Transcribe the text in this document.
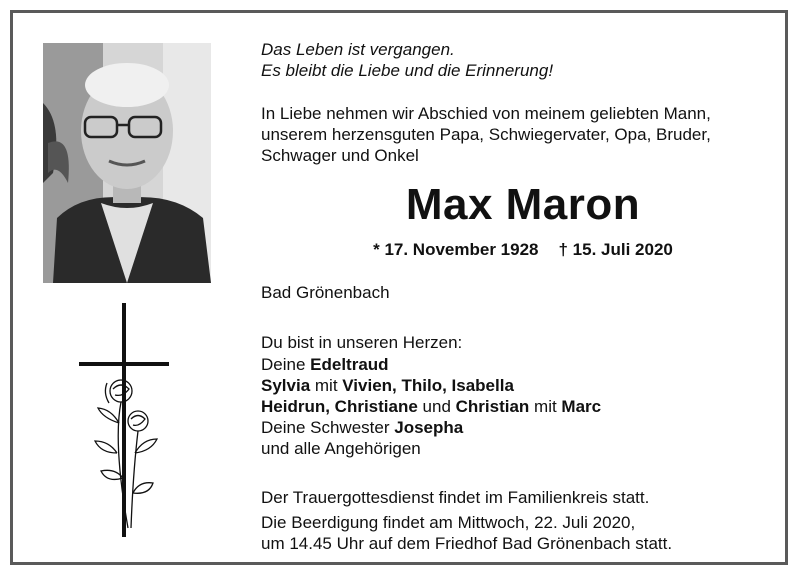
Das Leben ist vergangen.
Es bleibt die Liebe und die Erinnerung!
In Liebe nehmen wir Abschied von meinem geliebten Mann,
unserem herzensguten Papa, Schwiegervater, Opa, Bruder,
Schwager und Onkel
Max Maron
* 17. November 1928 † 15. Juli 2020
Bad Grönenbach
Du bist in unseren Herzen:
Deine Edeltraud
Sylvia mit Vivien, Thilo, Isabella
Heidrun, Christiane und Christian mit Marc
Deine Schwester Josepha
und alle Angehörigen
Der Trauergottesdienst findet im Familienkreis statt.
Die Beerdigung findet am Mittwoch, 22. Juli 2020,
um 14.45 Uhr auf dem Friedhof Bad Grönenbach statt.
